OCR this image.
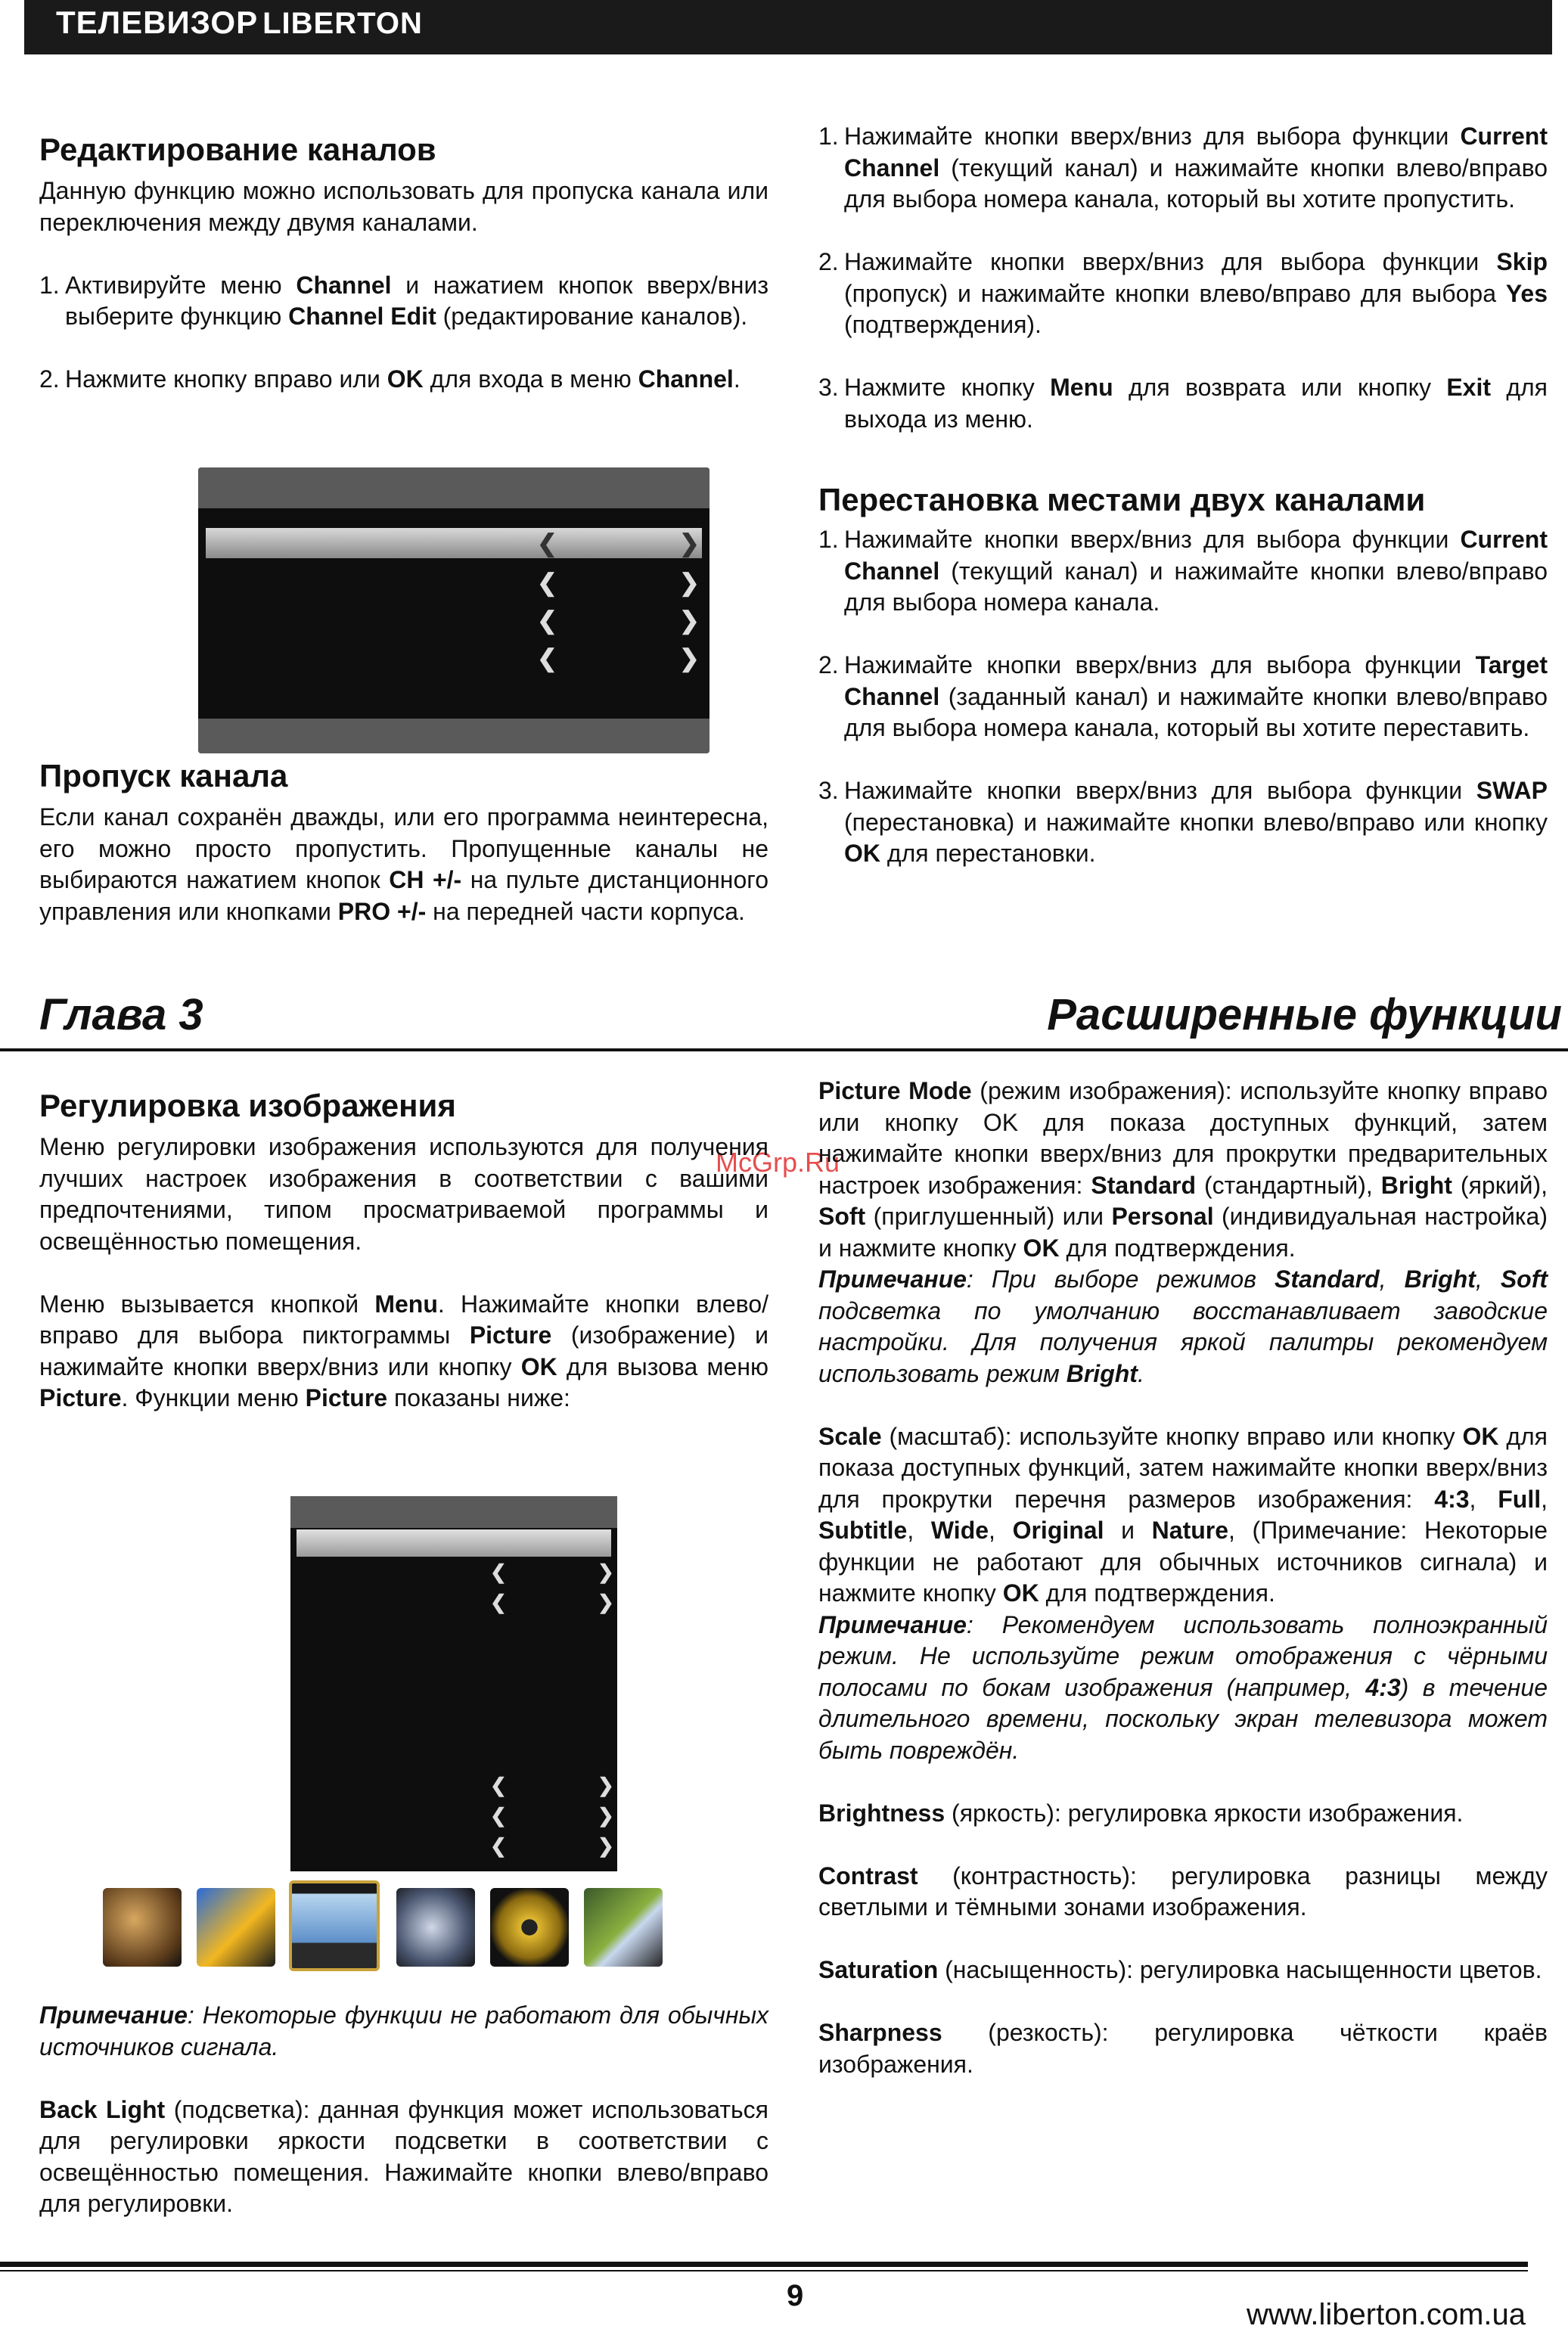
ТЕЛЕВИЗОР LIBERTON
Редактирование каналов

Данную функцию можно использовать для пропуска канала или переключения между двумя каналами.

1. Активируйте меню Channel и нажатием кнопок вверх/вниз выберите функцию Channel Edit (редактирование каналов).
2. Нажмите кнопку вправо или OK для входа в меню Channel.
❮	❯
❮	❯
❮	❯
❮	❯
Пропуск канала

Если канал сохранён дважды, или его программа неинтересна, его можно просто пропустить. Пропущенные каналы не выбираются нажатием кнопок CH +/- на пульте дистанционного управления или кнопками PRO +/- на передней части корпуса.

1. Нажимайте кнопки вверх/вниз для выбора функции Current Channel (текущий канал) и нажимайте кнопки влево/вправо для выбора номера канала, который вы хотите пропустить.
2. Нажимайте кнопки вверх/вниз для выбора функции Skip (пропуск) и нажимайте кнопки влево/вправо для выбора Yes (подтверждения).
3. Нажмите кнопку Menu для возврата или кнопку Exit для выхода из меню.
Перестановка местами двух каналами
1. Нажимайте кнопки вверх/вниз для выбора функции Current Channel (текущий канал) и нажимайте кнопки влево/вправо для выбора номера канала.
2. Нажимайте кнопки вверх/вниз для выбора функции Target Channel (заданный канал) и нажимайте кнопки влево/вправо для выбора номера канала, который вы хотите переставить.
3. Нажимайте кнопки вверх/вниз для выбора функции SWAP (перестановка) и нажимайте кнопки влево/вправо или кнопку OK для перестановки.
Глава 3	Расширенные функции
McGrp.Ru
Регулировка изображения

Меню регулировки изображения используются для получения лучших настроек изображения в соответствии с вашими предпочтениями, типом просматриваемой программы и освещённостью помещения.

Меню вызывается кнопкой Menu. Нажимайте кнопки влево/вправо для выбора пиктограммы Picture (изображение) и нажимайте кнопки вверх/вниз или кнопку OK для вызова меню Picture. Функции меню Picture показаны ниже:

❮	❯
❮	❯
❮	❯
❮	❯
❮	❯

Примечание: Некоторые функции не работают для обычных источников сигнала.

Back Light (подсветка): данная функция может использоваться для регулировки яркости подсветки в соответствии с освещённостью помещения. Нажимайте кнопки влево/вправо для регулировки.

Picture Mode (режим изображения): используйте кнопку вправо или кнопку OK для показа доступных функций, затем нажимайте кнопки вверх/вниз для прокрутки предварительных настроек изображения: Standard (стандартный), Bright (яркий), Soft (приглушенный) или Personal (индивидуальная настройка) и нажмите кнопку OK для подтверждения.

Примечание: При выборе режимов Standard, Bright, Soft подсветка по умолчанию восстанавливает заводские настройки. Для получения яркой палитры рекомендуем использовать режим Bright.

Scale (масштаб): используйте кнопку вправо или кнопку OK для показа доступных функций, затем нажимайте кнопки вверх/вниз для прокрутки перечня размеров изображения: 4:3, Full, Subtitle, Wide, Original и Nature, (Примечание: Некоторые функции не работают для обычных источников сигнала) и нажмите кнопку OK для подтверждения.

Примечание: Рекомендуем использовать полноэкранный режим. Не используйте режим отображения с чёрными полосами по бокам изображения (например, 4:3) в течение длительного времени, поскольку экран телевизора может быть повреждён.

Brightness (яркость): регулировка яркости изображения.

Contrast (контрастность): регулировка разницы между светлыми и тёмными зонами изображения.

Saturation (насыщенность): регулировка насыщенности цветов.

Sharpness (резкость): регулировка чёткости краёв изображения.

9
www.liberton.com.ua
